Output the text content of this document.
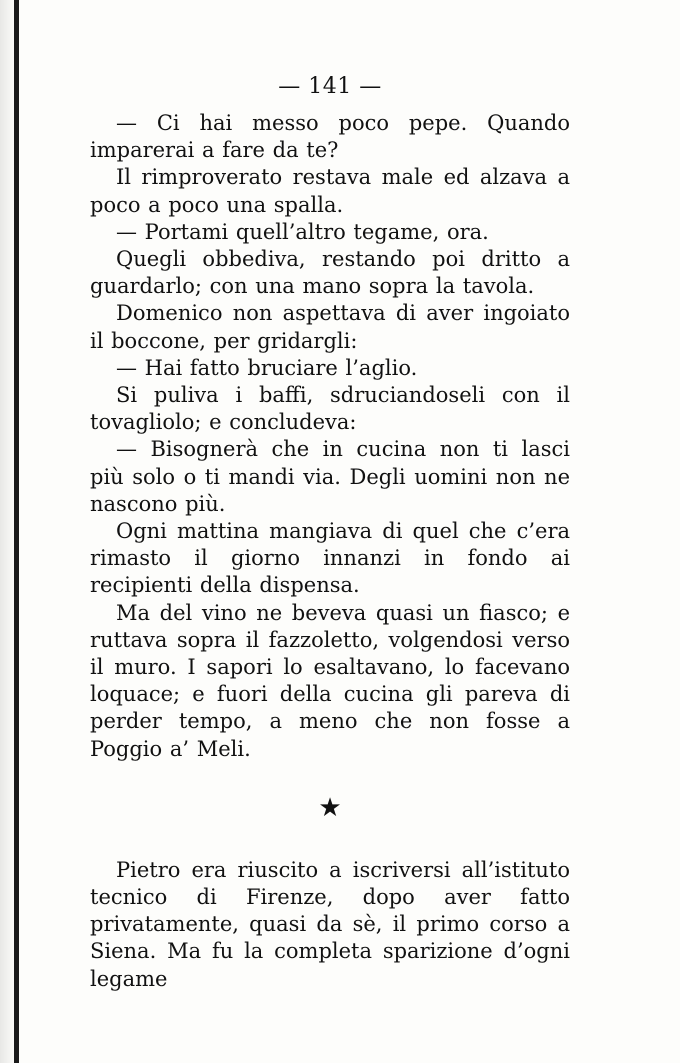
— 141 —

— Ci hai messo poco pepe. Quando imparerai a fare da te?

Il rimproverato restava male ed alzava a poco a poco una spalla.

— Portami quell’altro tegame, ora.

Quegli obbediva, restando poi dritto a guardarlo; con una mano sopra la tavola.

Domenico non aspettava di aver ingoiato il boccone, per gridargli:

— Hai fatto bruciare l’aglio.

Si puliva i baffi, sdruciandoseli con il tovagliolo; e concludeva:

— Bisognerà che in cucina non ti lasci più solo o ti mandi via. Degli uomini non ne nascono più.

Ogni mattina mangiava di quel che c’era rimasto il giorno innanzi in fondo ai recipienti della dispensa.

Ma del vino ne beveva quasi un fiasco; e ruttava sopra il fazzoletto, volgendosi verso il muro. I sapori lo esaltavano, lo facevano loquace; e fuori della cucina gli pareva di perder tempo, a meno che non fosse a Poggio a’ Meli.

★

Pietro era riuscito a iscriversi all’istituto tecnico di Firenze, dopo aver fatto privatamente, quasi da sè, il primo corso a Siena. Ma fu la completa sparizione d’ogni legame
